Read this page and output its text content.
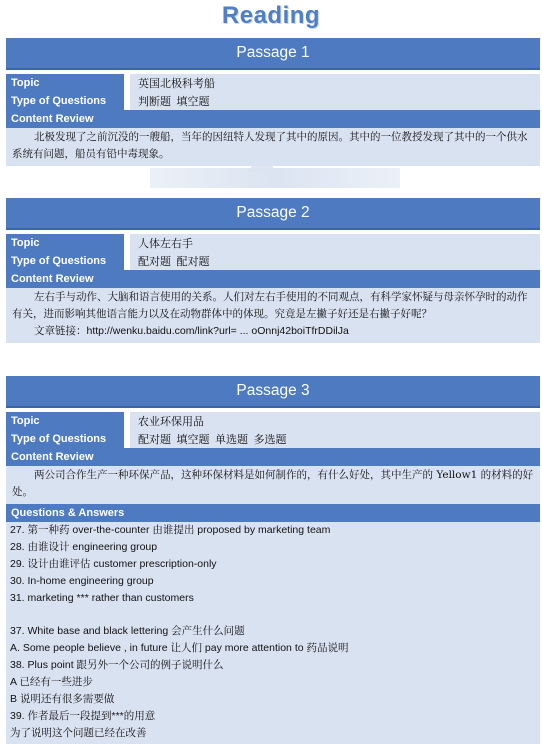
Reading
Passage 1
Topic	英国北极科考船
Type of Questions	判断题 填空题
Content Review
北极发现了之前沉没的一艘船，当年的因纽特人发现了其中的原因。其中的一位教授发现了其中的一个供水系统有问题，船员有铅中毒现象。
Passage 2
Topic	人体左右手
Type of Questions	配对题 配对题
Content Review
左右手与动作、大脑和语言使用的关系。人们对左右手使用的不同观点，有科学家怀疑与母亲怀孕时的动作有关，进而影响其他语言能力以及在动物群体中的体现。究竟是左撇子好还是右撇子好呢？
文章链接：http://wenku.baidu.com/link?url= ... oOnnj42boiTfrDDilJa
Passage 3
Topic	农业环保用品
Type of Questions	配对题 填空题 单选题 多选题
Content Review
两公司合作生产一种环保产品，这种环保材料是如何制作的，有什么好处，其中生产的 Yellow1 的材料的好处。
Questions & Answers
27. 第一种药 over-the-counter 由谁提出 proposed by marketing team
28. 由谁设计 engineering group
29. 设计由谁评估 customer prescription-only
30. In-home engineering group
31. marketing *** rather than customers
37. White base and black lettering 会产生什么问题
A. Some people believe , in future 让人们 pay more attention to 药品说明
38. Plus point 跟另外一个公司的例子说明什么
A 已经有一些进步
B 说明还有很多需要做
39. 作者最后一段提到***的用意
为了说明这个问题已经在改善
